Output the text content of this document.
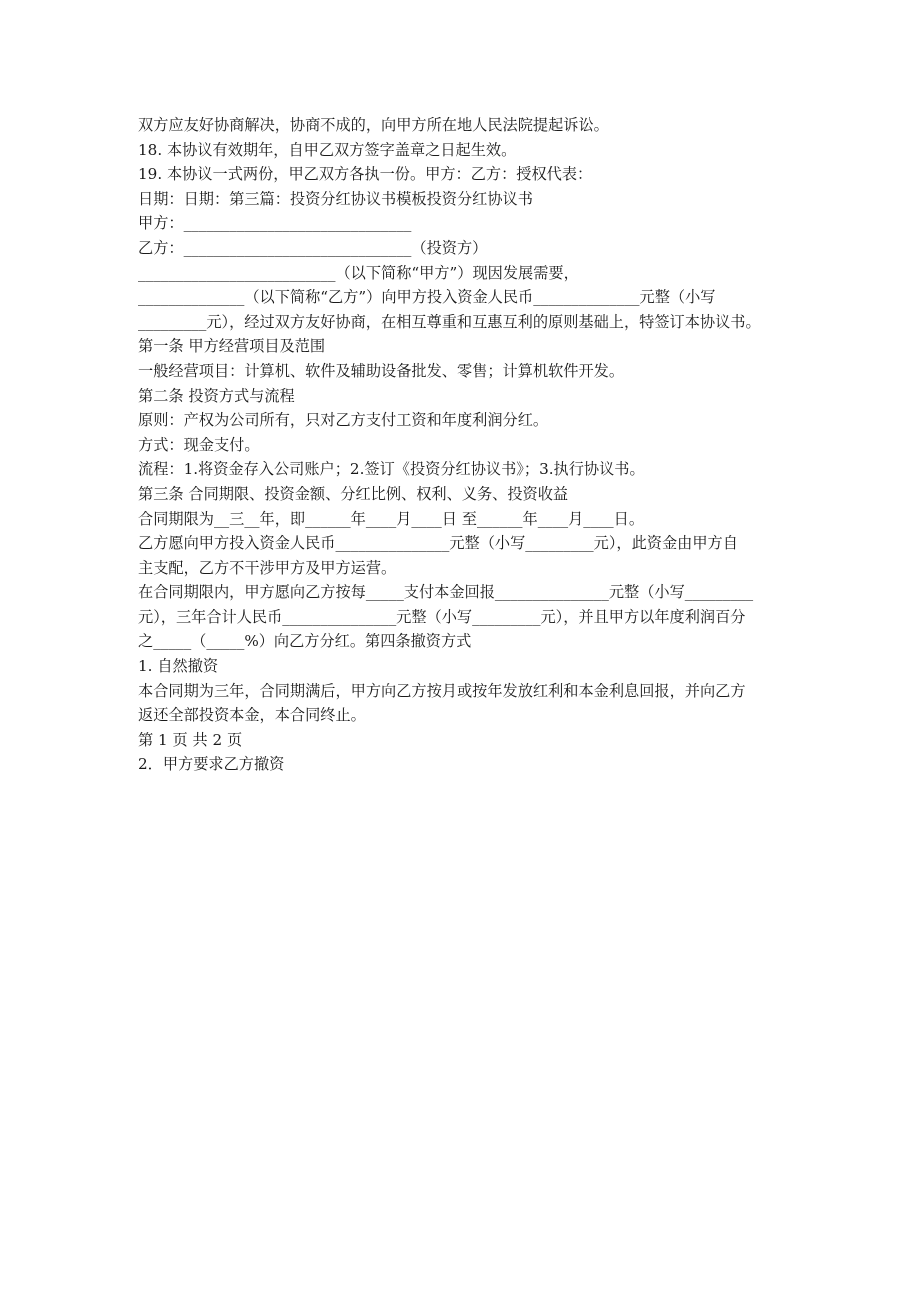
双方应友好协商解决，协商不成的，向甲方所在地人民法院提起诉讼。
18. 本协议有效期年，自甲乙双方签字盖章之日起生效。
19. 本协议一式两份，甲乙双方各执一份。甲方：乙方：授权代表：
日期：日期：第三篇：投资分红协议书模板投资分红协议书
甲方：______________________________
乙方：______________________________（投资方）
__________________________（以下简称“甲方”）现因发展需要，
______________（以下简称“乙方”）向甲方投入资金人民币______________元整（小写
_________元），经过双方友好协商，在相互尊重和互惠互利的原则基础上，特签订本协议书。
第一条 甲方经营项目及范围
一般经营项目：计算机、软件及辅助设备批发、零售；计算机软件开发。
第二条 投资方式与流程
原则：产权为公司所有，只对乙方支付工资和年度利润分红。
方式：现金支付。
流程：1.将资金存入公司账户；2.签订《投资分红协议书》；3.执行协议书。
第三条 合同期限、投资金额、分红比例、权利、义务、投资收益
合同期限为__三__年，即______年____月____日 至______年____月____日。
乙方愿向甲方投入资金人民币_______________元整（小写_________元），此资金由甲方自
主支配，乙方不干涉甲方及甲方运营。
在合同期限内，甲方愿向乙方按每_____支付本金回报_______________元整（小写_________
元），三年合计人民币_______________元整（小写_________元），并且甲方以年度利润百分
之_____（_____%）向乙方分红。第四条撤资方式
1. 自然撤资
本合同期为三年，合同期满后，甲方向乙方按月或按年发放红利和本金利息回报，并向乙方
返还全部投资本金，本合同终止。
第 1 页 共 2 页
2．甲方要求乙方撤资
